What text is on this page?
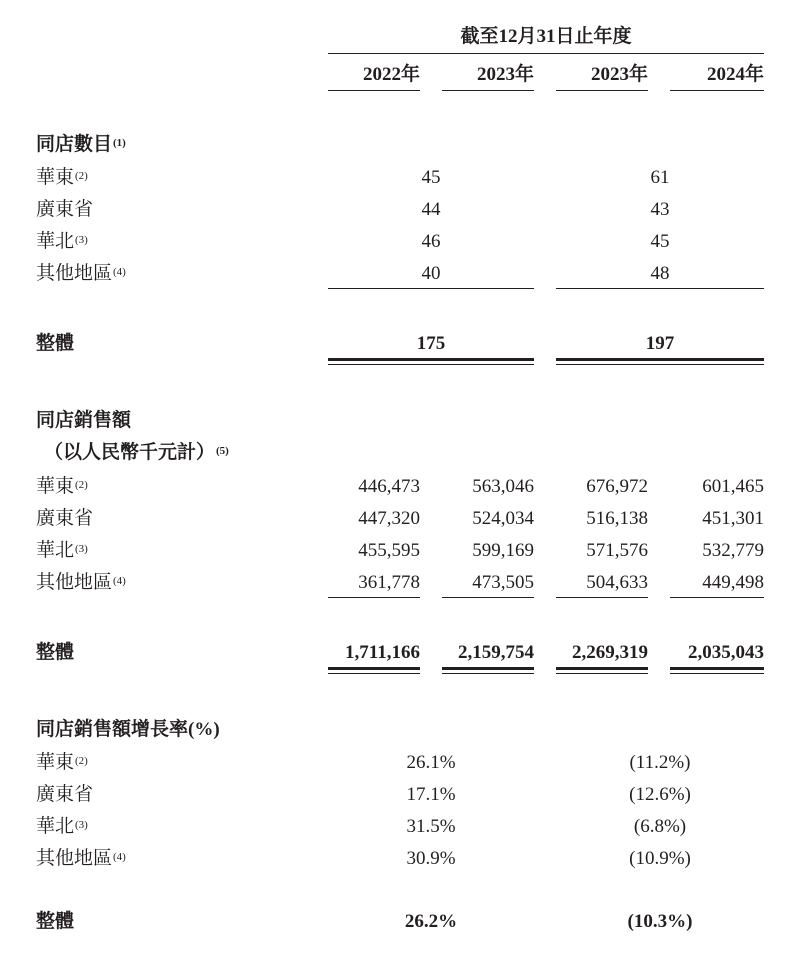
截至12月31日止年度
2022年	2023年	2023年	2024年
同店數目$^{(1)}$
華東$^{(2)}$	45	61
廣東省	44	43
華北$^{(3)}$	46	45
其他地區$^{(4)}$	40	48
整體	175	197
同店銷售額
（以人民幣千元計）$^{(5)}$
華東$^{(2)}$	446,473	563,046	676,972	601,465
廣東省	447,320	524,034	516,138	451,301
華北$^{(3)}$	455,595	599,169	571,576	532,779
其他地區$^{(4)}$	361,778	473,505	504,633	449,498
整體	1,711,166	2,159,754	2,269,319	2,035,043
同店銷售額增長率(%)
華東$^{(2)}$	26.1%	(11.2%)
廣東省	17.1%	(12.6%)
華北$^{(3)}$	31.5%	(6.8%)
其他地區$^{(4)}$	30.9%	(10.9%)
整體	26.2%	(10.3%)
